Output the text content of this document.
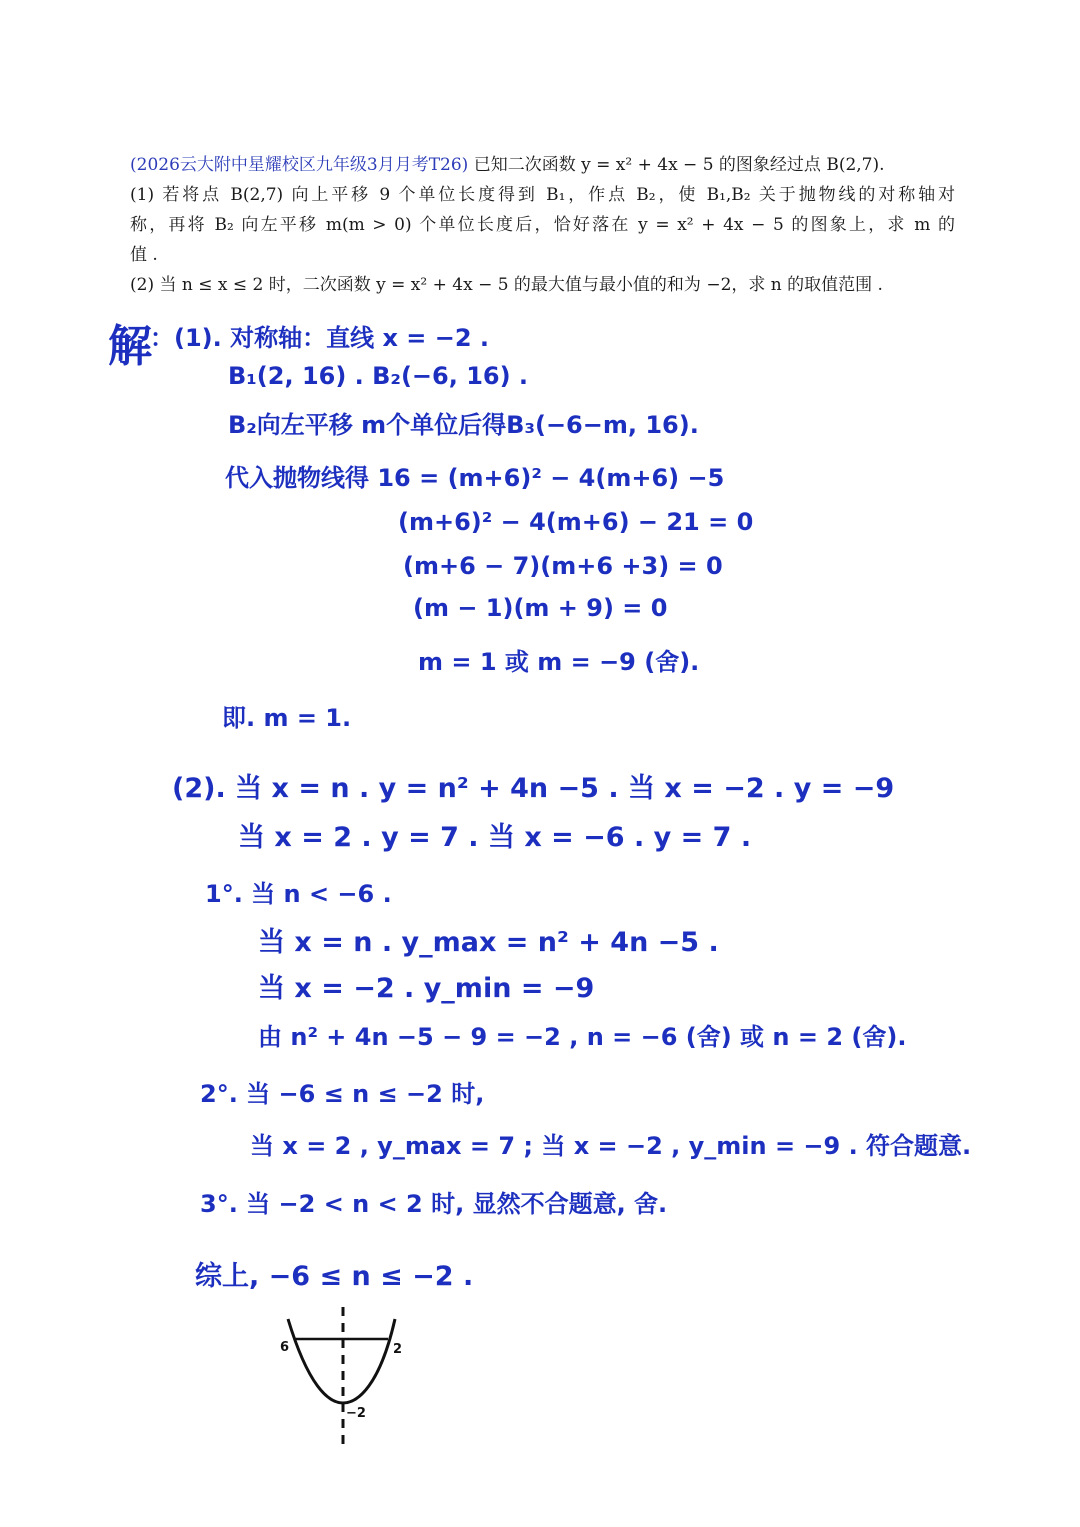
(2026云大附中星耀校区九年级3月月考T26) 已知二次函数 y = x² + 4x − 5 的图象经过点 B(2,7).
(1) 若将点 B(2,7) 向上平移 9 个单位长度得到 B₁，作点 B₂，使 B₁,B₂ 关于抛物线的对称轴对
称，再将 B₂ 向左平移 m(m > 0) 个单位长度后，恰好落在 y = x² + 4x − 5 的图象上，求 m 的
值 .
(2) 当 n ≤ x ≤ 2 时，二次函数 y = x² + 4x − 5 的最大值与最小值的和为 −2，求 n 的取值范围 .
解
：(1). 对称轴：直线 x = −2 .
B₁(2, 16) . B₂(−6, 16) .
B₂向左平移 m个单位后得B₃(−6−m, 16).
代入抛物线得 16 = (m+6)² − 4(m+6) −5
(m+6)² − 4(m+6) − 21 = 0
(m+6 − 7)(m+6 +3) = 0
(m − 1)(m + 9) = 0
m = 1 或 m = −9 (舍).
即. m = 1.
(2). 当 x = n . y = n² + 4n −5 . 当 x = −2 . y = −9
当 x = 2 . y = 7 . 当 x = −6 . y = 7 .
1°. 当 n < −6 .
当 x = n . y_max = n² + 4n −5 .
当 x = −2 . y_min = −9
由 n² + 4n −5 − 9 = −2 , n = −6 (舍) 或 n = 2 (舍).
2°. 当 −6 ≤ n ≤ −2 时,
当 x = 2 , y_max = 7 ; 当 x = −2 , y_min = −9 . 符合题意.
3°. 当 −2 < n < 2 时, 显然不合题意, 舍.
综上, −6 ≤ n ≤ −2 .
6	2
−2
